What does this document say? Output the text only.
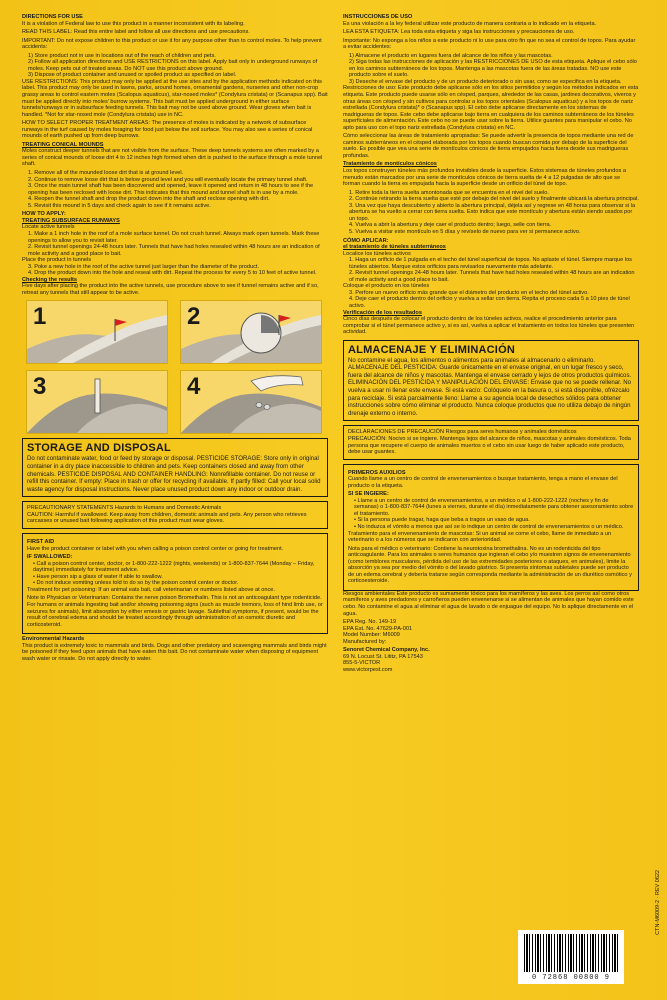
DIRECTIONS FOR USE

It is a violation of Federal law to use this product in a manner inconsistent with its labeling.

READ THIS LABEL: Read this entire label and follow all use directions and use precautions.

IMPORTANT: Do not expose children to this product or use it for any purpose other than to control moles. To help prevent accidents:

1) Store product not in use in locations out of the reach of children and pets.
2) Follow all application directions and USE RESTRICTIONS on this label. Apply bait only in underground runways of moles. Keep pets out of treated areas. Do NOT use this product above ground.
3) Dispose of product container and unused or spoiled product as specified on label.

USE RESTRICTIONS: This product may only be applied at the use sites and by the application methods indicated on this label. This product may only be used in lawns, parks, around homes, ornamental gardens, nurseries and other non-crop grassy areas to control eastern moles (Scalopus aquaticus), star-nosed moles* (Condylura cristata) or (Scanapus spp). Bait must be applied directly into moles' burrow systems. This bait must be applied underground in either surface tunnels/runways or in subsurface feeding tunnels. This bait may not be used above ground. Wear gloves when bait is handled. *Not for star-nosed mole (Condylura cristata) use in NC.

HOW TO SELECT PROPER TREATMENT AREAS: The presence of moles is indicated by a network of subsurface runways in the turf caused by moles foraging for food just below the soil surface. You may also see a series of conical mounds of earth pushed up from deep burrows.

TREATING CONICAL MOUNDS

Moles construct deeper tunnels that are not visible from the surface. These deep tunnels systems are often marked by a series of conical mounds of loose dirt 4 to 12 inches high formed when dirt is pushed to the surface through a mole tunnel shaft.

1. Remove all of the mounded loose dirt that is at ground level.
2. Continue to remove loose dirt that is below ground level and you will eventually locate the primary tunnel shaft.
3. Once the main tunnel shaft has been discovered and opened, leave it opened and return in 48 hours to see if the opening has been reclosed with loose dirt. This indicates that this mound and tunnel shaft is in use by a mole.
4. Reopen the tunnel shaft and drop the product down into the shaft and reclose opening with dirt.
5. Revisit this mound in 5 days and check again to see if it remains active.
HOW TO APPLY:
TREATING SUBSURFACE RUNWAYS
Locate active tunnels
1. Make a 1 inch hole in the roof of a mole surface tunnel. Do not crush tunnel. Always mark open tunnels. Mark these openings to allow you to revisit later.
2. Revisit tunnel openings 24-48 hours later. Tunnels that have had holes resealed within 48 hours are an indication of mole activity and a good place to bait.
Place the product in tunnels
3. Poke a new hole in the roof of the active tunnel just larger than the diameter of the product.
4. Drop the product down into the hole and reseal with dirt. Repeat the process for every 5 to 10 feet of active tunnel.
Checking the results

Five days after placing the product into the active tunnels, use procedure above to see if tunnel remains active and if so, retreat any tunnels that still appear to be active.

1	2
3	4
STORAGE AND DISPOSAL
Do not contaminate water, food or feed by storage or disposal. PESTICIDE STORAGE: Store only in original container in a dry place inaccessible to children and pets. Keep containers closed and away from other chemicals. PESTICIDE DISPOSAL AND CONTAINER HANDLING: Nonrefillable container. Do not reuse or refill this container. If empty: Place in trash or offer for recycling if available. If partly filled: Call your local solid waste agency for disposal instructions. Never place unused product down any indoor or outdoor drain.
PRECAUTIONARY STATEMENTS Hazards to Humans and Domestic Animals
CAUTION: Harmful if swallowed. Keep away from children, domestic animals and pets. Any person who retrieves carcasses or unused bait following application of this product must wear gloves.
FIRST AID

Have the product container or label with you when calling a poison control center or going for treatment.

IF SWALLOWED:
• Call a poison control center, doctor, or 1-800-222-1222 (nights, weekends) or 1-800-837-7644 (Monday – Friday, daytime) immediately for treatment advice.
• Have person sip a glass of water if able to swallow.
• Do not induce vomiting unless told to do so by the poison control center or doctor.

Treatment for pet poisoning: If an animal eats bait, call veterinarian or numbers listed above at once.

Note to Physician or Veterinarian: Contains the nerve poison Bromethalin. This is not an anticoagulant type rodenticide. For humans or animals ingesting bait and/or showing poisoning signs (such as muscle tremors, loss of hind limb use, or seizures for animals), limit absorption by either emesis or gastric lavage. Sublethal symptoms, if present, would be the result of cerebral edema and should be treated accordingly through administration of an osmotic diuretic and corticosteroid.

Environmental Hazards

This product is extremely toxic to mammals and birds. Dogs and other predatory and scavenging mammals and birds might be poisoned if they feed upon animals that have eaten this bait. Do not contaminate water when disposing of equipment wash water or rinsate. Do not apply directly to water.

INSTRUCCIONES DE USO

Es una violación a la ley federal utilizar este producto de manera contraria a lo indicado en la etiqueta.

LEA ESTA ETIQUETA: Lea toda esta etiqueta y siga las instrucciones y precauciones de uso.

Importante: No exponga a los niños a este producto ni lo use para otro fin que no sea el control de topos. Para ayudar a evitar accidentes:

1) Almacene el producto en lugares fuera del alcance de los niños y las mascotas.
2) Siga todas las instrucciones de aplicación y las RESTRICCIONES DE USO de esta etiqueta. Aplique el cebo sólo en los caminos subterráneos de los topos. Mantenga a las mascotas fuera de las áreas tratadas. NO use este producto sobre el suelo.
3) Deseche el envase del producto y de un producto deteriorado o sin usar, como se especifica en la etiqueta.

Restricciones de uso: Este producto debe aplicarse sólo en los sitios permitidos y según los métodos indicados en esta etiqueta. Este producto puede usarse sólo en césped, parques, alrededor de las casas, jardines decorativos, viveros y otras áreas con césped y sin cultivos para controlar a los topos orientales (Scalopus aquaticus) y a los topos de nariz estrellada (Condylura cristata)* o (Scanapus spp). El cebo debe aplicarse directamente en los sistemas de madrigueras de topos. Este cebo debe aplicarse bajo tierra en cualquiera de los caminos subterráneos de los túneles superficiales de alimentación. Este cebo no se puede usar sobre la tierra. Utilice guantes para manipular el cebo. No apto para uso con el topo nariz estrellada (Condylura cristata) en NC.

Cómo seleccionar las áreas de tratamiento apropiadas: Se puede advertir la presencia de topos mediante una red de caminos subterráneos en el césped elaborada por los topos cuando buscan comida por debajo de la superficie del suelo. Es posible que vea una serie de montículos cónicos de tierra empujados hacia fuera desde sus madrigueras profundas.

Tratamiento de montículos cónicos

Los topos construyen túneles más profundos invisibles desde la superficie. Estos sistemas de túneles profundos a menudo están marcados por una serie de montículos cónicos de tierra suelta de 4 a 12 pulgadas de alto que se forman cuando la tierra es empujada hacia la superficie desde un orificio del túnel de topo.

1. Retire toda la tierra suelta amontonada que se encuentra en el nivel del suelo.
2. Continúe retirando la tierra suelta que esté por debajo del nivel del suelo y finalmente ubicará la abertura principal.
3. Una vez que haya descubierto y abierto la abertura principal, déjela así y regrese en 48 horas para observar si la abertura se ha vuelto a cerrar con tierra suelta. Esto indica que este montículo y abertura están siendo usados por un topo.
4. Vuelva a abrir la abertura y deje caer el producto dentro; luego, selle con tierra.
5. Vuelva a visitar este montículo en 5 días y revíselo de nuevo para ver si permanece activo.
CÓMO APLICAR:
el tratamiento de túneles subterráneos
Localice los túneles activos
1. Haga un orificio de 1 pulgada en el techo del túnel superficial de topos. No aplaste el túnel. Siempre marque los túneles abiertos. Marque estos orificios para revisarlos nuevamente más adelante.
2. Revisit tunnel openings 24-48 hours later. Tunnels that have had holes resealed within 48 hours are an indication of mole activity and a good place to bait.
Coloque el producto en los túneles
3. Perfore un nuevo orificio más grande que el diámetro del producto en el techo del túnel activo.
4. Deje caer el producto dentro del orificio y vuelva a sellar con tierra. Repita el proceso cada 5 a 10 pies de túnel activo.
Verificación de los resultados

Cinco días después de colocar el producto dentro de los túneles activos, realice el procedimiento anterior para comprobar si el túnel permanece activo y, si es así, vuelva a aplicar el tratamiento en todos los túneles que presenten actividad.

ALMACENAJE Y ELIMINACIÓN
No contamine el agua, los alimentos o alimentos para animales al almacenarlo o eliminarlo. ALMACENAJE DEL PESTICIDA: Guarde únicamente en el envase original, en un lugar fresco y seco, fuera del alcance de niños y mascotas. Mantenga el envase cerrado y lejos de otros productos químicos. ELIMINACIÓN DEL PESTICIDA Y MANIPULACIÓN DEL ENVASE: Envase que no se puede rellenar. No vuelva a usar ni llenar este envase. Si está vacío: Colóquelo en la basura o, si está disponible, ofrézcalo para reciclaje. Si está parcialmente lleno: Llame a su agencia local de desechos sólidos para obtener instrucciones sobre cómo eliminar el producto. Nunca coloque productos que no utiliza debajo de ningún drenaje externo o interno.
DECLARACIONES DE PRECAUCIÓN Riesgos para seres humanos y animales domésticos
PRECAUCIÓN: Nocivo si se ingiere. Mantenga lejos del alcance de niños, mascotas y animales domésticos. Toda persona que recupere el cuerpo de animales muertos o el cebo sin usar luego de haber aplicado este producto, debe usar guantes.
PRIMEROS AUXILIOS

Cuando llame a un centro de control de envenenamientos o busque tratamiento, tenga a mano el envase del producto o la etiqueta.

SI SE INGIERE:
• Llame a un centro de control de envenenamientos, a un médico o al 1-800-222-1222 (noches y fin de semanas) o 1-800-837-7644 (lunes a viernes, durante el día) inmediatamente para obtener asesoramiento sobre el tratamiento.
• Si la persona puede tragar, haga que beba a tragos un vaso de agua.
• No induzca el vómito a menos que así se lo indique un centro de control de envenenamientos o un médico.

Tratamiento para el envenenamiento de mascotas: Si un animal se come el cebo, llame de inmediato a un veterinario o a los números que se indicaron con anterioridad.

Nota para el médico o veterinario: Contiene la neurotoxina bromethalina. No es un rodenticida del tipo anticoagulante. Para los animales o seres humanos que ingieran el cebo y/o muestren signos de envenenamiento (como temblores musculares, pérdida del uso de las extremidades posteriores o ataques, en animales), limite la absorción ya sea por medio del vómito o del lavado gástrico. Si presenta síntomas subletales puede ser producto de un edema cerebral y debería tratarse según corresponda mediante la administración de un diurético osmótico y corticoesteroide.

Riesgos ambientales Este producto es sumamente tóxico para los mamíferos y las aves. Los perros así como otros mamíferos y aves predadores y carroñeros pueden envenenarse si se alimentan de animales que hayan comido este cebo. No contamine el agua al eliminar el agua de lavado o de enjuague del equipo. No lo aplique directamente en el agua.

EPA Reg. No. 149-19
EPA Est. No. 47629-PA-001
Model Number: M6009
Manufactured by:
Senoret Chemical Company, Inc.
69 N. Locust St. Lititz, PA 17543
855-5-VICTOR
www.victorpest.com
0 72868 00800 9
CTN-M6009-2 · REV 0622
